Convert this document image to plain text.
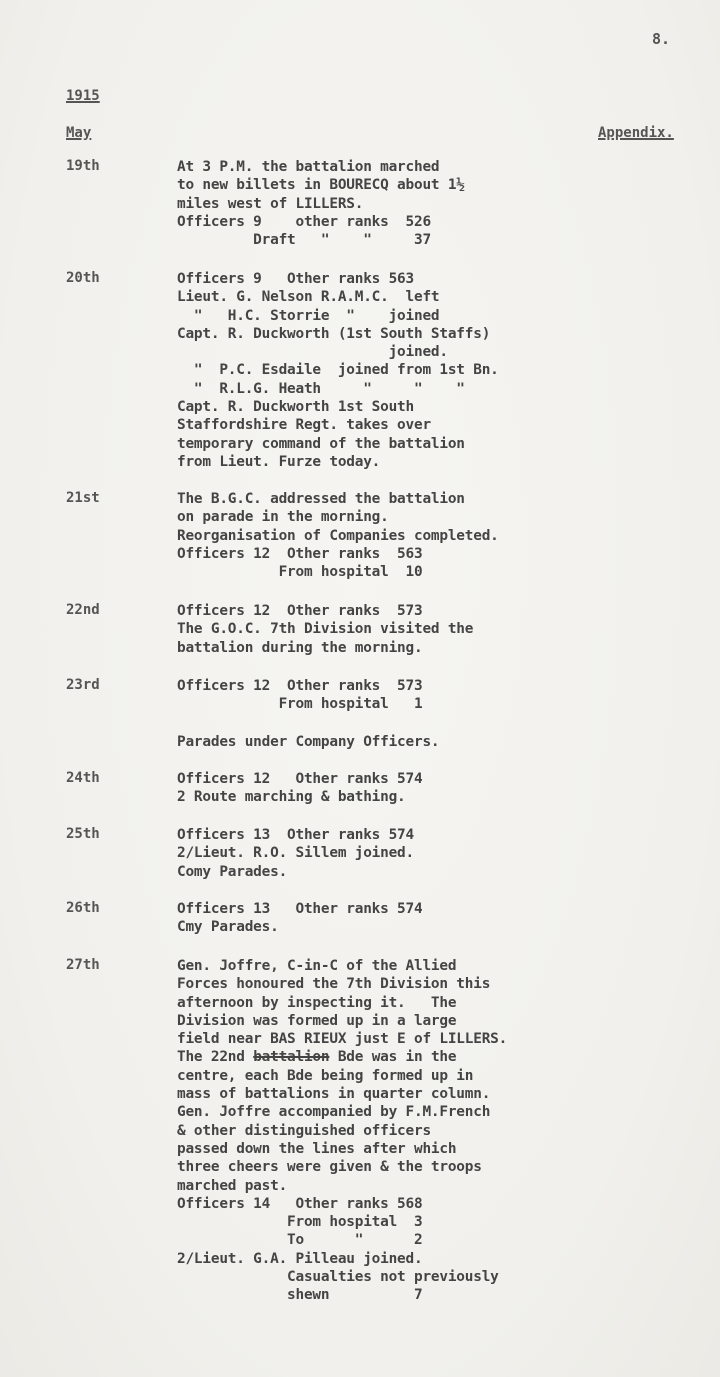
8.
1915
May	Appendix.
19th	At 3 P.M. the battalion marched
to new billets in BOURECQ about 1½
miles west of LILLERS.
Officers 9    other ranks  526
Draft   "    "     37
20th	Officers 9   Other ranks 563
Lieut. G. Nelson R.A.M.C.  left
"   H.C. Storrie  "    joined
Capt. R. Duckworth (1st South Staffs)
joined.
"  P.C. Esdaile  joined from 1st Bn.
"  R.L.G. Heath     "     "    "
Capt. R. Duckworth 1st South
Staffordshire Regt. takes over
temporary command of the battalion
from Lieut. Furze today.
21st	The B.G.C. addressed the battalion
on parade in the morning.
Reorganisation of Companies completed.
Officers 12  Other ranks  563
From hospital  10
22nd	Officers 12  Other ranks  573
The G.O.C. 7th Division visited the
battalion during the morning.
23rd	Officers 12  Other ranks  573
From hospital   1
Parades under Company Officers.
24th	Officers 12   Other ranks 574
2 Route marching & bathing.
25th	Officers 13  Other ranks 574
2/Lieut. R.O. Sillem joined.
Comy Parades.
26th	Officers 13   Other ranks 574
Cmy Parades.
27th	Gen. Joffre, C-in-C of the Allied
Forces honoured the 7th Division this
afternoon by inspecting it.   The
Division was formed up in a large
field near BAS RIEUX just E of LILLERS.
The 22nd battalion Bde was in the
centre, each Bde being formed up in
mass of battalions in quarter column.
Gen. Joffre accompanied by F.M.French
& other distinguished officers
passed down the lines after which
three cheers were given & the troops
marched past.
Officers 14   Other ranks 568
From hospital  3
To      "      2
2/Lieut. G.A. Pilleau joined.
Casualties not previously
shewn          7
